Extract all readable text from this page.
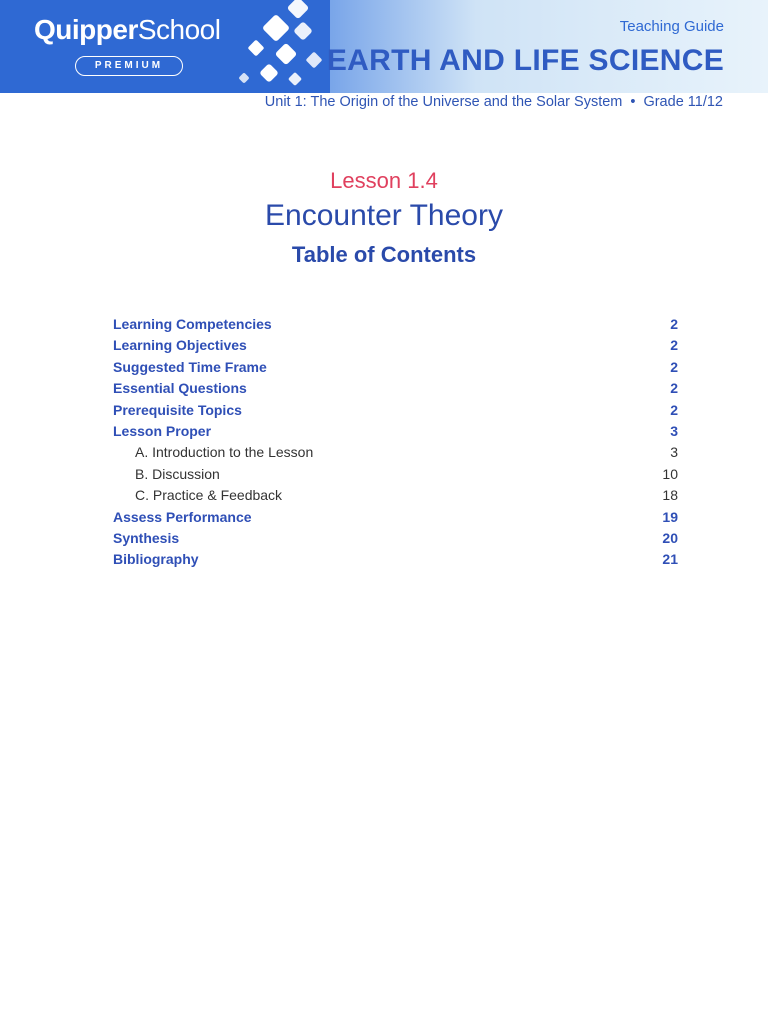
QuipperSchool
PREMIUM
Teaching Guide
EARTH AND LIFE SCIENCE
Unit 1: The Origin of the Universe and the Solar System • Grade 11/12
Lesson 1.4
Encounter Theory
Table of Contents
Learning Competencies	2
Learning Objectives	2
Suggested Time Frame	2
Essential Questions	2
Prerequisite Topics	2
Lesson Proper	3
A. Introduction to the Lesson	3
B. Discussion	10
C. Practice & Feedback	18
Assess Performance	19
Synthesis	20
Bibliography	21
